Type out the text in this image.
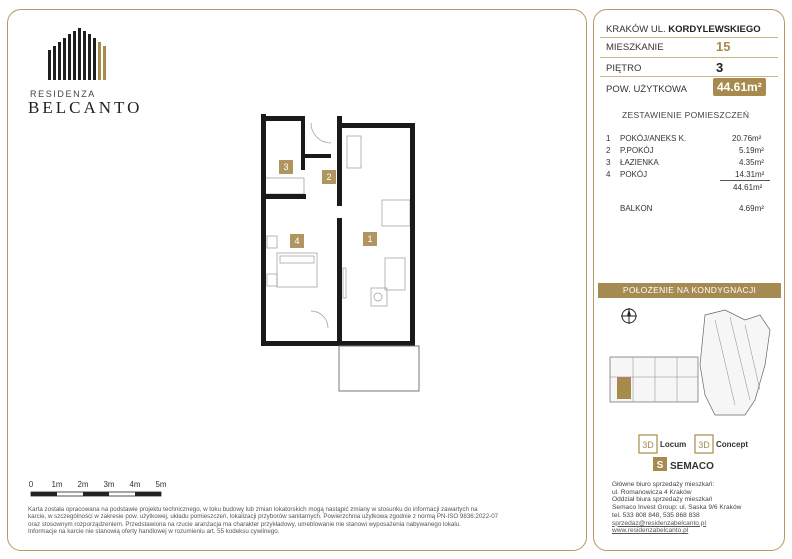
RESIDENZA
BELCANTO
1
2
3
4
0 1m 2m 3m 4m 5m
Karta została opracowana na podstawie projektu technicznego, w toku budowy lub zmian lokatorskich mogą nastąpić zmiany w stosunku do informacji zawartych na
karcie, w szczególności w zakresie pow. użytkowej, układu pomieszczeń, lokalizacji przyborów sanitarnych. Powierzchnia użytkowa zgodnie z normą PN-ISO 9836:2022-07
oraz stosownym rozporządzeniem. Przedstawiona na rzucie aranżacja ma charakter przykładowy, umeblowanie nie stanowi wyposażenia nabywanego lokalu.
Informacje na karcie nie stanowią oferty handlowej w rozumieniu art. 55 kodeksu cywilnego.
KRAKÓW UL. KORDYLEWSKIEGO
MIESZKANIE	15
PIĘTRO	3
POW. UŻYTKOWA	44.61m²
ZESTAWIENIE POMIESZCZEŃ
1 POKÓJ/ANEKS K.	20.76m²
2 P.POKÓJ	5.19m²
3 ŁAZIENKA	4.35m²
4 POKÓJ	14.31m²
44.61m²
BALKON	4.69m²
POŁOŻENIE NA KONDYGNACJI
3D Locum 3D Concept
S SEMACO
Główne biuro sprzedaży mieszkań:
ul. Romanowicza 4 Kraków
Oddział biura sprzedaży mieszkań
Semaco Invest Group: ul. Saska 9/6 Kraków
tel. 533 808 848, 535 868 838
sprzedaz@residenzabelcanto.pl
www.residenzabelcanto.pl
